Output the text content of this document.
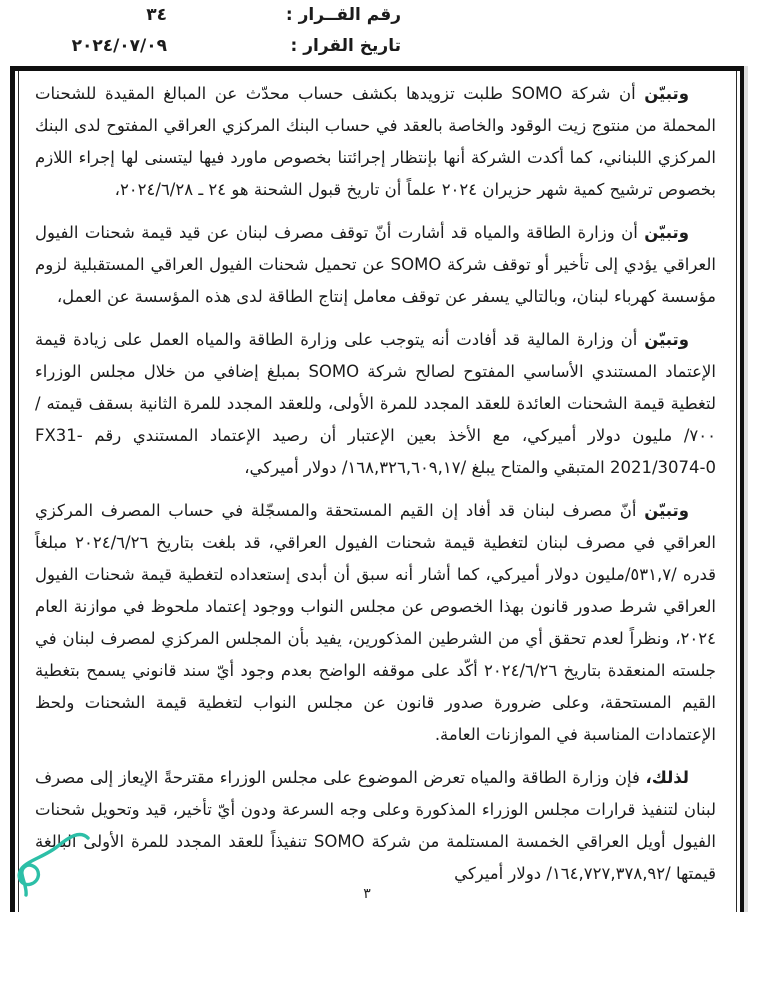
رقم القــرار :
٣٤
تاريخ القرار :
٢٠٢٤/٠٧/٠٩

وتبيّن أن شركة SOMO طلبت تزويدها بكشف حساب محدّث عن المبالغ المقيدة للشحنات المحملة من منتوج زيت الوقود والخاصة بالعقد في حساب البنك المركزي العراقي المفتوح لدى البنك المركزي اللبناني، كما أكدت الشركة أنها بإنتظار إجرائتنا بخصوص ماورد فيها ليتسنى لها إجراء اللازم بخصوص ترشيح كمية شهر حزيران ٢٠٢٤ علماً أن تاريخ قبول الشحنة هو ٢٤ ـ ٢٠٢٤/٦/٢٨،

وتبيّن أن وزارة الطاقة والمياه قد أشارت أنّ توقف مصرف لبنان عن قيد قيمة شحنات الفيول العراقي يؤدي إلى تأخير أو توقف شركة SOMO عن تحميل شحنات الفيول العراقي المستقبلية لزوم مؤسسة كهرباء لبنان، وبالتالي يسفر عن توقف معامل إنتاج الطاقة لدى هذه المؤسسة عن العمل،

وتبيّن أن وزارة المالية قد أفادت أنه يتوجب على وزارة الطاقة والمياه العمل على زيادة قيمة الإعتماد المستندي الأساسي المفتوح لصالح شركة SOMO بمبلغ إضافي من خلال مجلس الوزراء لتغطية قيمة الشحنات العائدة للعقد المجدد للمرة الأولى، وللعقد المجدد للمرة الثانية بسقف قيمته /٧٠٠/ مليون دولار أميركي، مع الأخذ بعين الإعتبار أن رصيد الإعتماد المستندي رقم ⁦FX31-2021/3074-0⁩ المتبقي والمتاح يبلغ /١٦٨,٣٢٦,٦٠٩,١٧/ دولار أميركي،

وتبيّن أنّ مصرف لبنان قد أفاد إن القيم المستحقة والمسجّلة في حساب المصرف المركزي العراقي في مصرف لبنان لتغطية قيمة شحنات الفيول العراقي، قد بلغت بتاريخ ٢٠٢٤/٦/٢٦ مبلغاً قدره /٥٣١,٧/مليون دولار أميركي، كما أشار أنه سبق أن أبدى إستعداده لتغطية قيمة شحنات الفيول العراقي شرط صدور قانون بهذا الخصوص عن مجلس النواب ووجود إعتماد ملحوظ في موازنة العام ٢٠٢٤، ونظراً لعدم تحقق أي من الشرطين المذكورين، يفيد بأن المجلس المركزي لمصرف لبنان في جلسته المنعقدة بتاريخ ٢٠٢٤/٦/٢٦ أكّد على موقفه الواضح بعدم وجود أيّ سند قانوني يسمح بتغطية القيم المستحقة، وعلى ضرورة صدور قانون عن مجلس النواب لتغطية قيمة الشحنات ولحظ الإعتمادات المناسبة في الموازنات العامة.

لذلك، فإن وزارة الطاقة والمياه تعرض الموضوع على مجلس الوزراء مقترحةً الإيعاز إلى مصرف لبنان لتنفيذ قرارات مجلس الوزراء المذكورة وعلى وجه السرعة ودون أيّ تأخير، قيد وتحويل شحنات الفيول أويل العراقي الخمسة المستلمة من شركة SOMO تنفيذاً للعقد المجدد للمرة الأولى البالغة قيمتها /١٦٤,٧٢٧,٣٧٨,٩٢/ دولار أميركي

٣
